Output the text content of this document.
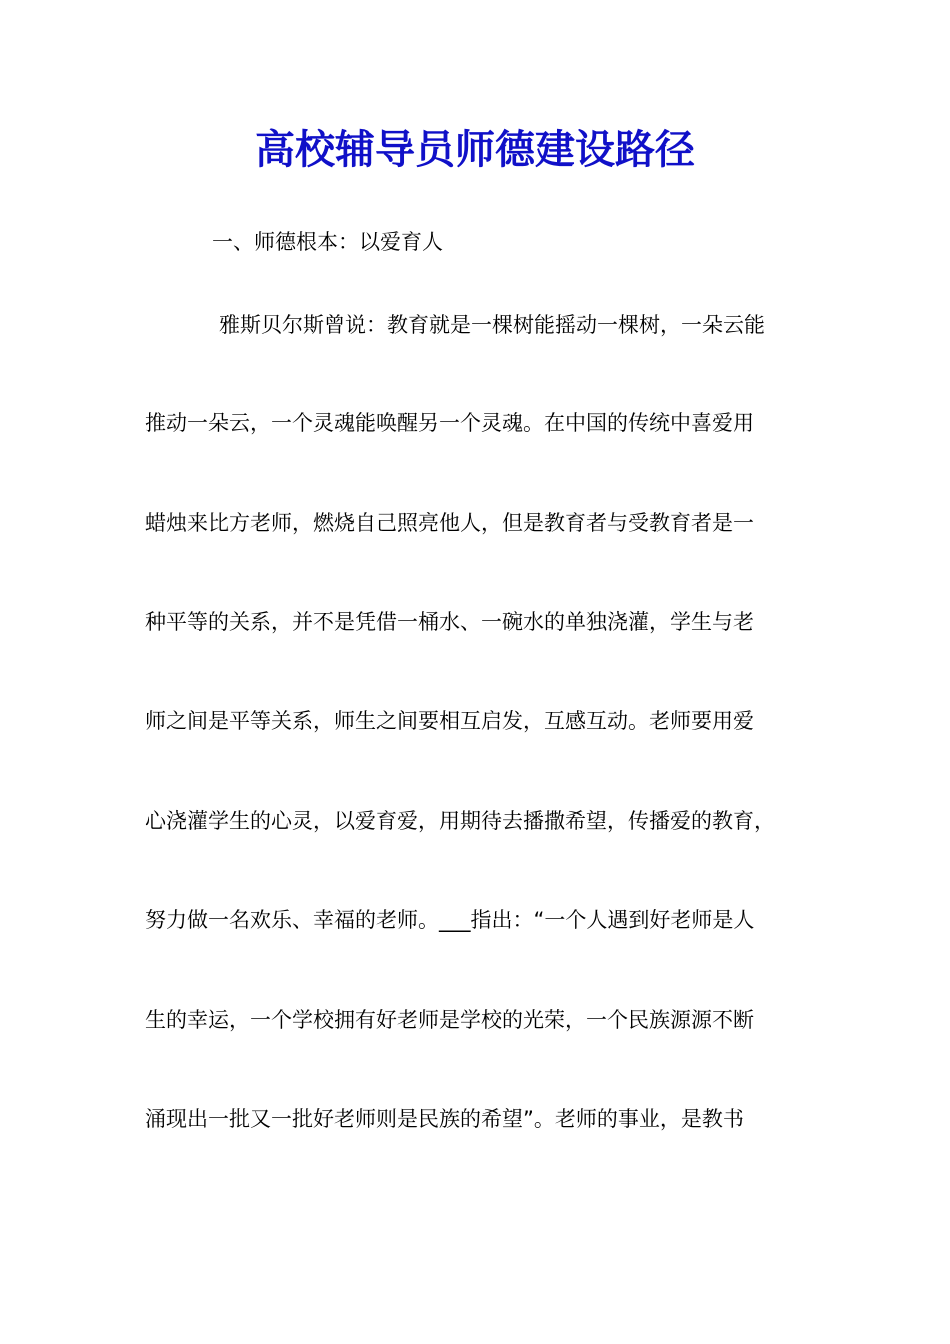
高校辅导员师德建设路径
一、师德根本：以爱育人
雅斯贝尔斯曾说：教育就是一棵树能摇动一棵树，一朵云能
推动一朵云，一个灵魂能唤醒另一个灵魂。在中国的传统中喜爱用
蜡烛来比方老师，燃烧自己照亮他人，但是教育者与受教育者是一
种平等的关系，并不是凭借一桶水、一碗水的单独浇灌，学生与老
师之间是平等关系，师生之间要相互启发，互感互动。老师要用爱
心浇灌学生的心灵，以爱育爱，用期待去播撒希望，传播爱的教育，
努力做一名欢乐、幸福的老师。___指出：“一个人遇到好老师是人
生的幸运，一个学校拥有好老师是学校的光荣，一个民族源源不断
涌现出一批又一批好老师则是民族的希望”。老师的事业，是教书
